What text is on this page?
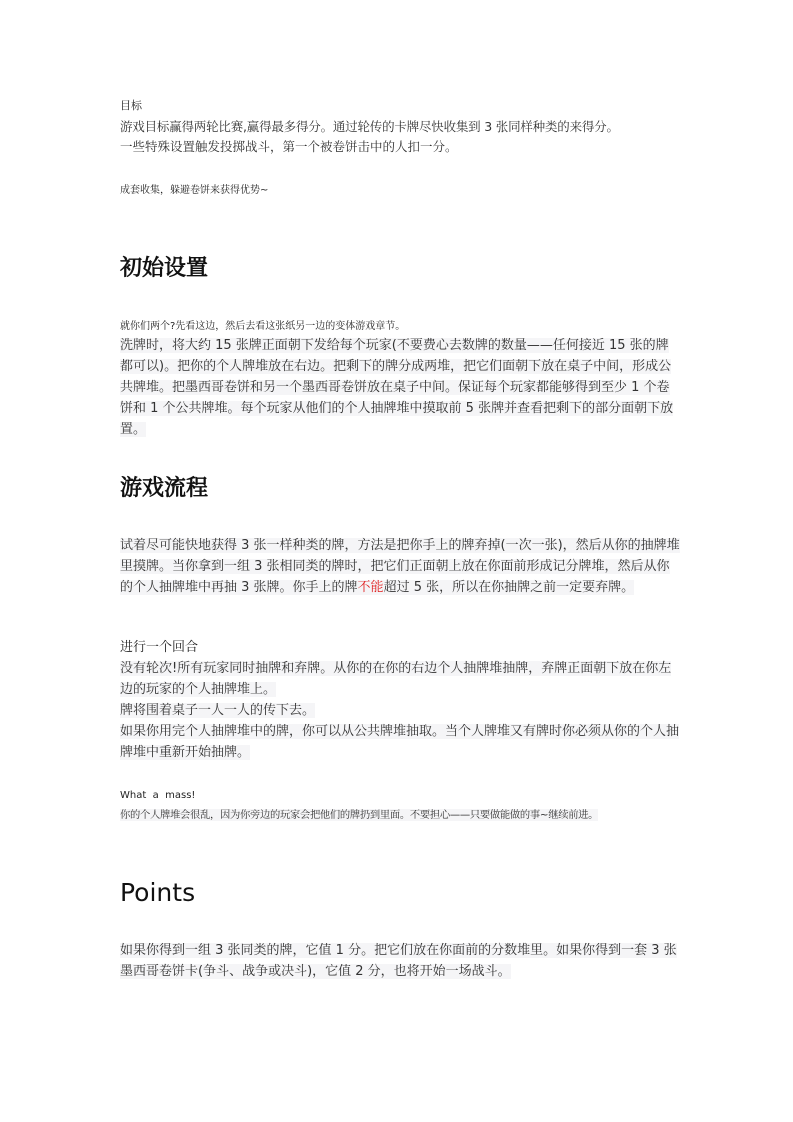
目标
游戏目标赢得两轮比赛,赢得最多得分。通过轮传的卡牌尽快收集到 3 张同样种类的来得分。
一些特殊设置触发投掷战斗，第一个被卷饼击中的人扣一分。
成套收集，躲避卷饼来获得优势~
初始设置
就你们两个?先看这边，然后去看这张纸另一边的变体游戏章节。
洗牌时，将大约 15 张牌正面朝下发给每个玩家(不要费心去数牌的数量——任何接近 15 张的牌都可以)。把你的个人牌堆放在右边。把剩下的牌分成两堆，把它们面朝下放在桌子中间，形成公共牌堆。把墨西哥卷饼和另一个墨西哥卷饼放在桌子中间。保证每个玩家都能够得到至少 1 个卷饼和 1 个公共牌堆。每个玩家从他们的个人抽牌堆中摸取前 5 张牌并查看把剩下的部分面朝下放置。
游戏流程
试着尽可能快地获得 3 张一样种类的牌，方法是把你手上的牌弃掉(一次一张)，然后从你的抽牌堆里摸牌。当你拿到一组 3 张相同类的牌时，把它们正面朝上放在你面前形成记分牌堆，然后从你的个人抽牌堆中再抽 3 张牌。你手上的牌不能超过 5 张，所以在你抽牌之前一定要弃牌。
进行一个回合
没有轮次!所有玩家同时抽牌和弃牌。从你的在你的右边个人抽牌堆抽牌，弃牌正面朝下放在你左边的玩家的个人抽牌堆上。
牌将围着桌子一人一人的传下去。
如果你用完个人抽牌堆中的牌，你可以从公共牌堆抽取。当个人牌堆又有牌时你必须从你的个人抽牌堆中重新开始抽牌。
What  a  mass!
你的个人牌堆会很乱，因为你旁边的玩家会把他们的牌扔到里面。不要担心——只要做能做的事~继续前进。
Points
如果你得到一组 3 张同类的牌，它值 1 分。把它们放在你面前的分数堆里。如果你得到一套 3 张墨西哥卷饼卡(争斗、战争或决斗)，它值 2 分，也将开始一场战斗。
